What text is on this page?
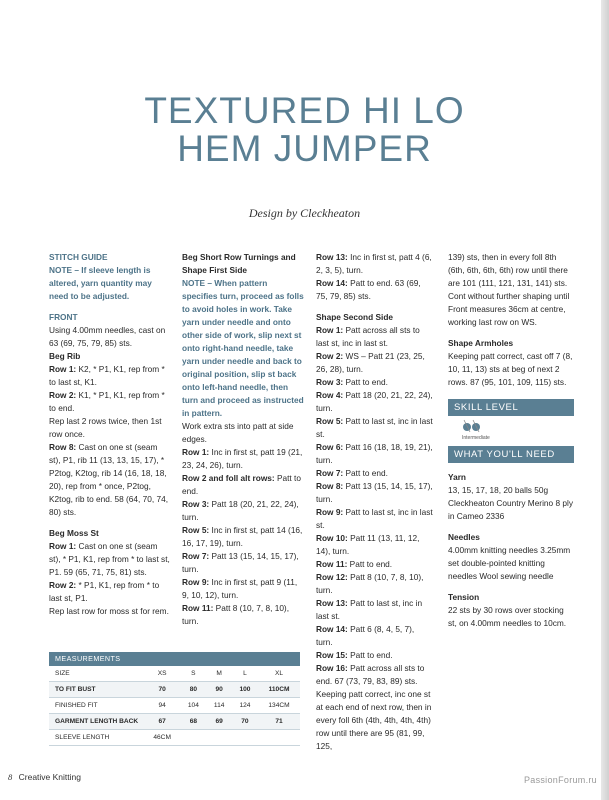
TEXTURED HI LO
HEM JUMPER
Design by Cleckheaton

STITCH GUIDE

NOTE – If sleeve length is altered, yarn quantity may need to be adjusted.

FRONT

Using 4.00mm needles, cast on 63 (69, 75, 79, 85) sts.

Beg Rib

Row 1: K2, * P1, K1, rep from * to last st, K1.

Row 2: K1, * P1, K1, rep from * to end.

Rep last 2 rows twice, then 1st row once.

Row 8: Cast on one st (seam st), P1, rib 11 (13, 13, 15, 17), * P2tog, K2tog, rib 14 (16, 18, 18, 20), rep from * once, P2tog, K2tog, rib to end. 58 (64, 70, 74, 80) sts.

Beg Moss St

Row 1: Cast on one st (seam st), * P1, K1, rep from * to last st, P1. 59 (65, 71, 75, 81) sts.

Row 2: * P1, K1, rep from * to last st, P1.

Rep last row for moss st for rem.

Beg Short Row Turnings and Shape First Side

NOTE – When pattern specifies turn, proceed as folls to avoid holes in work. Take yarn under needle and onto other side of work, slip next st onto right-hand needle, take yarn under needle and back to original position, slip st back onto left-hand needle, then turn and proceed as instructed in pattern.

Work extra sts into patt at side edges.

Row 1: Inc in first st, patt 19 (21, 23, 24, 26), turn.

Row 2 and foll alt rows: Patt to end.

Row 3: Patt 18 (20, 21, 22, 24), turn.

Row 5: Inc in first st, patt 14 (16, 16, 17, 19), turn.

Row 7: Patt 13 (15, 14, 15, 17), turn.

Row 9: Inc in first st, patt 9 (11, 9, 10, 12), turn.

Row 11: Patt 8 (10, 7, 8, 10), turn.

Row 13: Inc in first st, patt 4 (6, 2, 3, 5), turn.

Row 14: Patt to end. 63 (69, 75, 79, 85) sts.

Shape Second Side

Row 1: Patt across all sts to last st, inc in last st.

Row 2: WS – Patt 21 (23, 25, 26, 28), turn.

Row 3: Patt to end.

Row 4: Patt 18 (20, 21, 22, 24), turn.

Row 5: Patt to last st, inc in last st.

Row 6: Patt 16 (18, 18, 19, 21), turn.

Row 7: Patt to end.

Row 8: Patt 13 (15, 14, 15, 17), turn.

Row 9: Patt to last st, inc in last st.

Row 10: Patt 11 (13, 11, 12, 14), turn.

Row 11: Patt to end.

Row 12: Patt 8 (10, 7, 8, 10), turn.

Row 13: Patt to last st, inc in last st.

Row 14: Patt 6 (8, 4, 5, 7), turn.

Row 15: Patt to end.

Row 16: Patt across all sts to end. 67 (73, 79, 83, 89) sts.

Keeping patt correct, inc one st at each end of next row, then in every foll 6th (4th, 4th, 4th, 4th) row until there are 95 (81, 99, 125,

139) sts, then in every foll 8th (6th, 6th, 6th, 6th) row until there are 101 (111, 121, 131, 141) sts.

Cont without further shaping until Front measures 36cm at centre, working last row on WS.

Shape Armholes

Keeping patt correct, cast off 7 (8, 10, 11, 13) sts at beg of next 2 rows. 87 (95, 101, 109, 115) sts.

SKILL LEVEL
Intermediate
WHAT YOU'LL NEED

Yarn

13, 15, 17, 18, 20 balls 50g Cleckheaton Country Merino 8 ply in Cameo 2336

Needles

4.00mm knitting needles 3.25mm set double-pointed knitting needles Wool sewing needle

Tension

22 sts by 30 rows over stocking st, on 4.00mm needles to 10cm.

MEASUREMENTS
SIZE	XS	S	M	L	XL
TO FIT BUST	70	80	90	100	110CM
FINISHED FIT	94	104	114	124	134CM
GARMENT LENGTH BACK	67	68	69	70	71
SLEEVE LENGTH	46CM				
8 Creative Knitting	PassionForum.ru
